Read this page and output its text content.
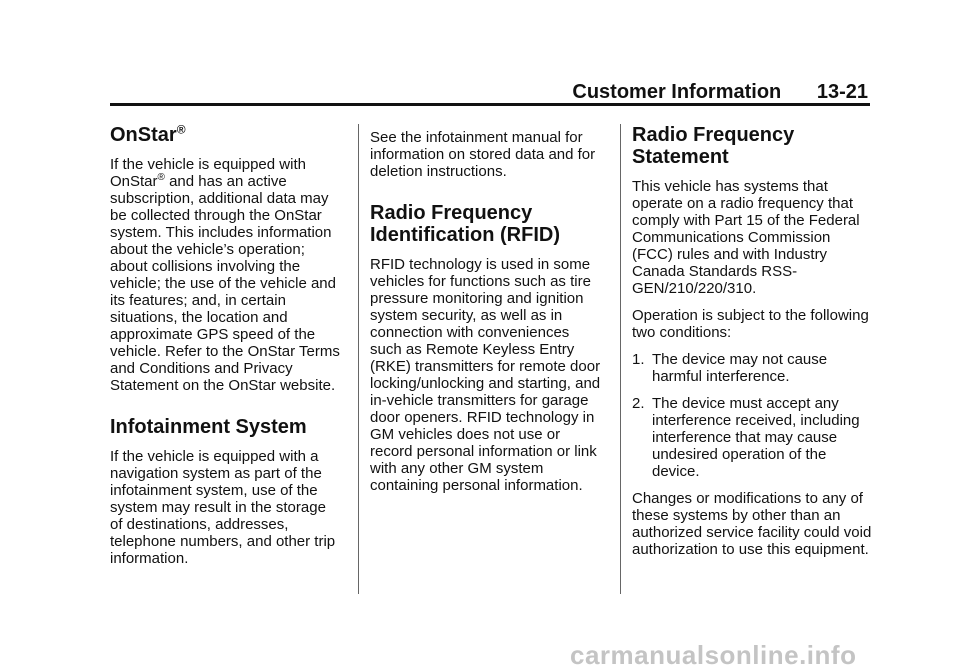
Customer Information 13-21
OnStar®

If the vehicle is equipped with OnStar® and has an active subscription, additional data may be collected through the OnStar system. This includes information about the vehicle’s operation; about collisions involving the vehicle; the use of the vehicle and its features; and, in certain situations, the location and approximate GPS speed of the vehicle. Refer to the OnStar Terms and Conditions and Privacy Statement on the OnStar website.

Infotainment System

If the vehicle is equipped with a navigation system as part of the infotainment system, use of the system may result in the storage of destinations, addresses, telephone numbers, and other trip information.

See the infotainment manual for information on stored data and for deletion instructions.

Radio Frequency Identification (RFID)

RFID technology is used in some vehicles for functions such as tire pressure monitoring and ignition system security, as well as in connection with conveniences such as Remote Keyless Entry (RKE) transmitters for remote door locking/unlocking and starting, and in-vehicle transmitters for garage door openers. RFID technology in GM vehicles does not use or record personal information or link with any other GM system containing personal information.

Radio Frequency Statement

This vehicle has systems that operate on a radio frequency that comply with Part 15 of the Federal Communications Commission (FCC) rules and with Industry Canada Standards RSS-GEN/210/220/310.

Operation is subject to the following two conditions:

1. The device may not cause harmful interference.
2. The device must accept any interference received, including interference that may cause undesired operation of the device.

Changes or modifications to any of these systems by other than an authorized service facility could void authorization to use this equipment.

carmanualsonline.info
